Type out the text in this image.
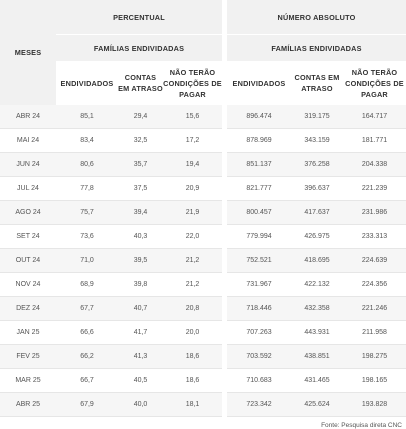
MESES	PERCENTUAL				NÚMERO ABSOLUTO		
	FAMÍLIAS ENDIVIDADAS				FAMÍLIAS ENDIVIDADAS		
	ENDIVIDADOS	CONTAS EM ATRASO	NÃO TERÃO CONDIÇÕES DE PAGAR		ENDIVIDADOS	CONTAS EM ATRASO	NÃO TERÃO CONDIÇÕES DE PAGAR
ABR 24	85,1	29,4	15,6		896.474	319.175	164.717
MAI 24	83,4	32,5	17,2		878.969	343.159	181.771
JUN 24	80,6	35,7	19,4		851.137	376.258	204.338
JUL 24	77,8	37,5	20,9		821.777	396.637	221.239
AGO 24	75,7	39,4	21,9		800.457	417.637	231.986
SET 24	73,6	40,3	22,0		779.994	426.975	233.313
OUT 24	71,0	39,5	21,2		752.521	418.695	224.639
NOV 24	68,9	39,8	21,2		731.967	422.132	224.356
DEZ 24	67,7	40,7	20,8		718.446	432.358	221.246
JAN 25	66,6	41,7	20,0		707.263	443.931	211.958
FEV 25	66,2	41,3	18,6		703.592	438.851	198.275
MAR 25	66,7	40,5	18,6		710.683	431.465	198.165
ABR 25	67,9	40,0	18,1		723.342	425.624	193.828
Fonte: Pesquisa direta CNC
